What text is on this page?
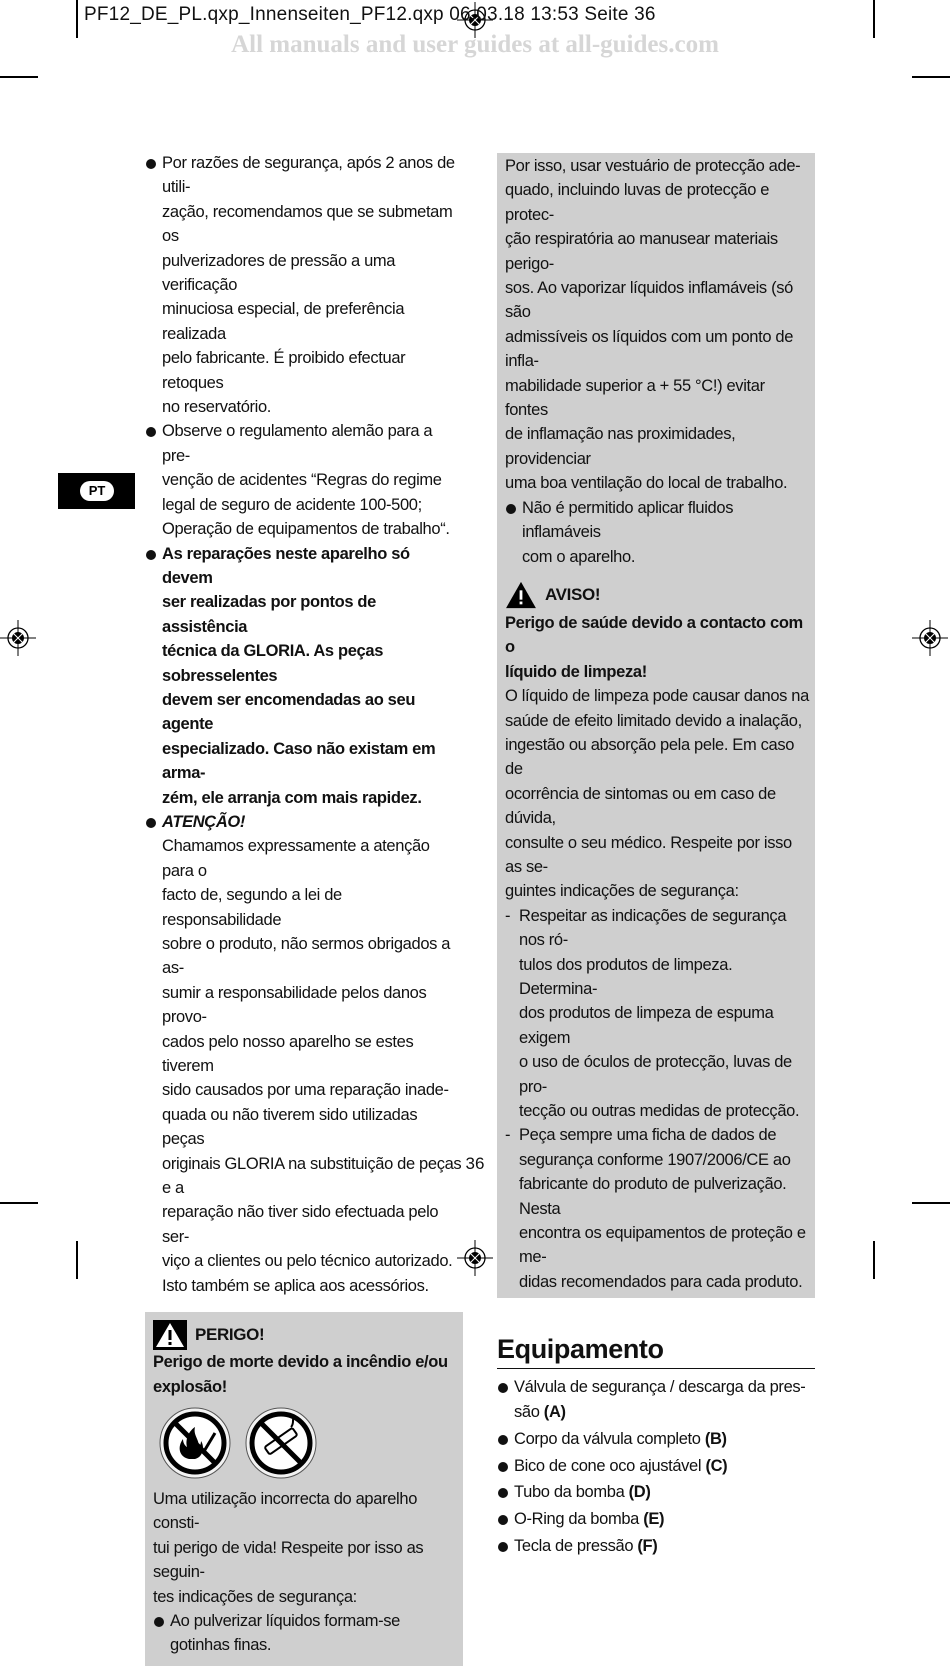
PF12_DE_PL.qxp_Innenseiten_PF12.qxp 06.03.18 13:53 Seite 36
All manuals and user guides at all-guides.com
PT
Por razões de segurança, após 2 anos de utili-
zação, recomendamos que se submetam os
pulverizadores de pressão a uma verificação
minuciosa especial, de preferência realizada
pelo fabricante. É proibido efectuar retoques
no reservatório.
Observe o regulamento alemão para a pre-
venção de acidentes “Regras do regime
legal de seguro de acidente 100-500;
Operação de equipamentos de trabalho“.
As reparações neste aparelho só devem
ser realizadas por pontos de assistência
técnica da GLORIA. As peças sobresselentes
devem ser encomendadas ao seu agente
especializado. Caso não existam em arma-
zém, ele arranja com mais rapidez.
ATENÇÃO!
Chamamos expressamente a atenção para o
facto de, segundo a lei de responsabilidade
sobre o produto, não sermos obrigados a as-
sumir a responsabilidade pelos danos provo-
cados pelo nosso aparelho se estes tiverem
sido causados por uma reparação inade-
quada ou não tiverem sido utilizadas peças
originais GLORIA na substituição de peças e a
reparação não tiver sido efectuada pelo ser-
viço a clientes ou pelo técnico autorizado.
Isto também se aplica aos acessórios.
PERIGO!
Perigo de morte devido a incêndio e/ou
explosão!
Uma utilização incorrecta do aparelho consti-
tui perigo de vida! Respeite por isso as seguin-
tes indicações de segurança:
Ao pulverizar líquidos formam-se
gotinhas finas.
Por isso, usar vestuário de protecção ade-
quado, incluindo luvas de protecção e protec-
ção respiratória ao manusear materiais perigo-
sos. Ao vaporizar líquidos inflamáveis (só são
admissíveis os líquidos com um ponto de infla-
mabilidade superior a + 55 °C!) evitar fontes
de inflamação nas proximidades, providenciar
uma boa ventilação do local de trabalho.
Não é permitido aplicar fluidos inflamáveis
com o aparelho.
AVISO!
Perigo de saúde devido a contacto com o
líquido de limpeza!
O líquido de limpeza pode causar danos na
saúde de efeito limitado devido a inalação,
ingestão ou absorção pela pele. Em caso de
ocorrência de sintomas ou em caso de dúvida,
consulte o seu médico. Respeite por isso as se-
guintes indicações de segurança:
- Respeitar as indicações de segurança nos ró-
tulos dos produtos de limpeza. Determina-
dos produtos de limpeza de espuma exigem
o uso de óculos de protecção, luvas de pro-
tecção ou outras medidas de protecção.
- Peça sempre uma ficha de dados de
segurança conforme 1907/2006/CE ao
fabricante do produto de pulverização. Nesta
encontra os equipamentos de proteção e me-
didas recomendados para cada produto.
Equipamento
Válvula de segurança / descarga da pres-
são (A)
Corpo da válvula completo (B)
Bico de cone oco ajustável (C)
Tubo da bomba (D)
O-Ring da bomba (E)
Tecla de pressão (F)
36
